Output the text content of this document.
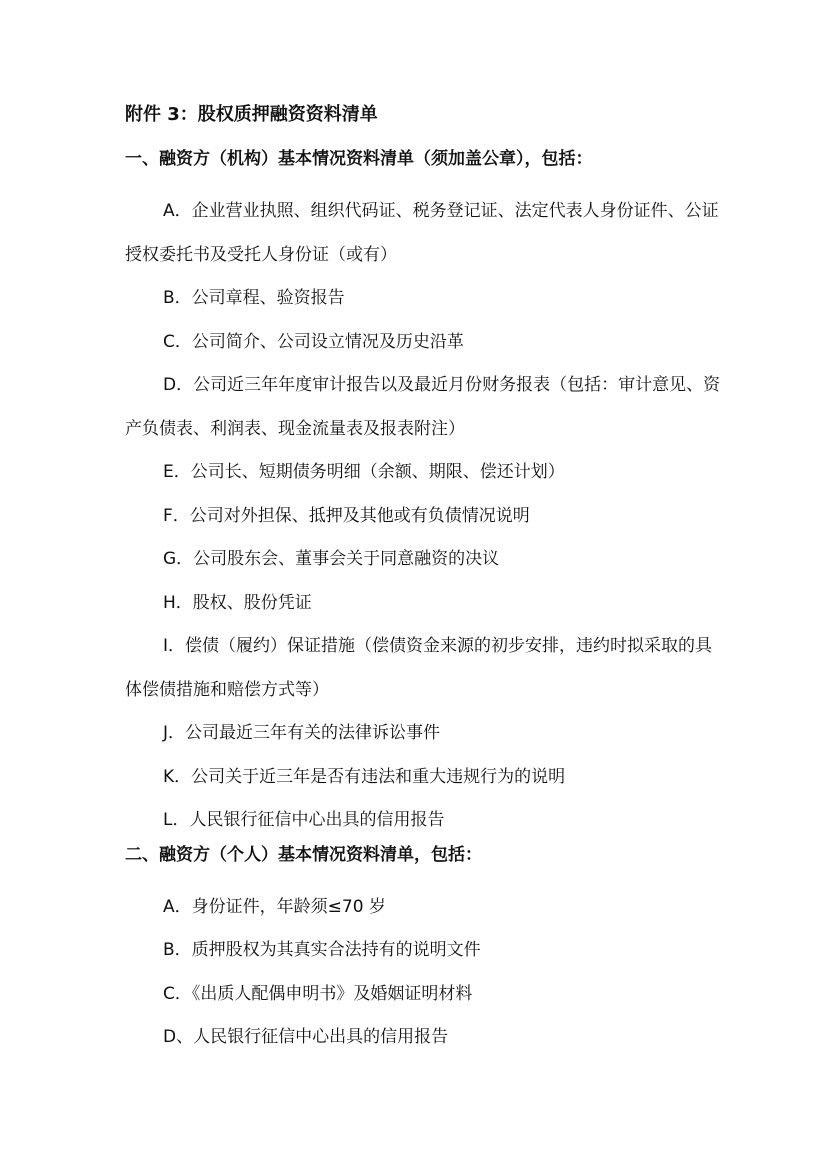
附件 3：股权质押融资资料清单
一、融资方（机构）基本情况资料清单（须加盖公章），包括：
A．企业营业执照、组织代码证、税务登记证、法定代表人身份证件、公证授权委托书及受托人身份证（或有）
B．公司章程、验资报告
C．公司简介、公司设立情况及历史沿革
D．公司近三年年度审计报告以及最近月份财务报表（包括：审计意见、资产负债表、利润表、现金流量表及报表附注）
E．公司长、短期债务明细（余额、期限、偿还计划）
F．公司对外担保、抵押及其他或有负债情况说明
G．公司股东会、董事会关于同意融资的决议
H．股权、股份凭证
I．偿债（履约）保证措施（偿债资金来源的初步安排，违约时拟采取的具体偿债措施和赔偿方式等）
J．公司最近三年有关的法律诉讼事件
K．公司关于近三年是否有违法和重大违规行为的说明
L．人民银行征信中心出具的信用报告
二、融资方（个人）基本情况资料清单，包括：
A．身份证件，年龄须≤70 岁
B．质押股权为其真实合法持有的说明文件
C．《出质人配偶申明书》及婚姻证明材料
D、人民银行征信中心出具的信用报告
